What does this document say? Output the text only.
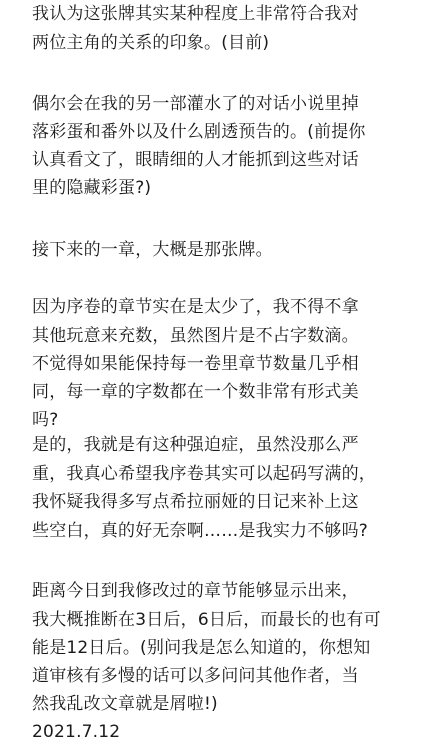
我认为这张牌其实某种程度上非常符合我对
两位主角的关系的印象。(目前)
偶尔会在我的另一部灌水了的对话小说里掉
落彩蛋和番外以及什么剧透预告的。(前提你
认真看文了，眼睛细的人才能抓到这些对话
里的隐藏彩蛋?)
接下来的一章，大概是那张牌。
因为序卷的章节实在是太少了，我不得不拿
其他玩意来充数，虽然图片是不占字数滴。
不觉得如果能保持每一卷里章节数量几乎相
同，每一章的字数都在一个数非常有形式美
吗?
是的，我就是有这种强迫症，虽然没那么严
重，我真心希望我序卷其实可以起码写满的，
我怀疑我得多写点希拉丽娅的日记来补上这
些空白，真的好无奈啊……是我实力不够吗?
距离今日到我修改过的章节能够显示出来，
我大概推断在3日后，6日后，而最长的也有可
能是12日后。(别问我是怎么知道的，你想知
道审核有多慢的话可以多问问其他作者，当
然我乱改文章就是屑啦!)
2021.7.12
